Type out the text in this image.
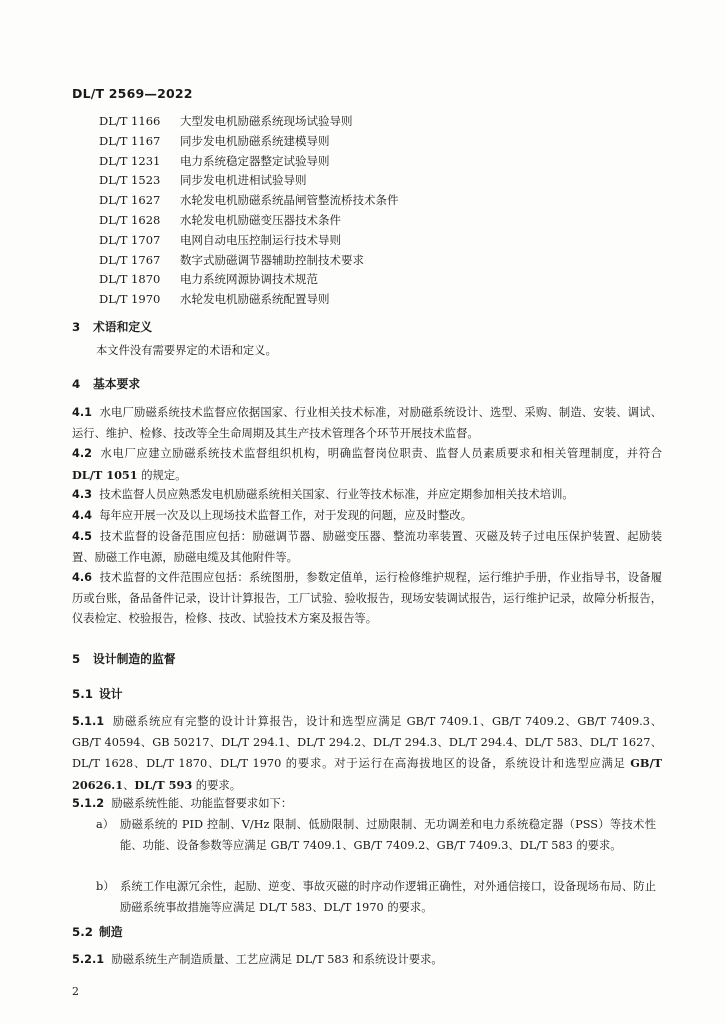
DL/T 2569—2022
DL/T 1166 大型发电机励磁系统现场试验导则
DL/T 1167 同步发电机励磁系统建模导则
DL/T 1231 电力系统稳定器整定试验导则
DL/T 1523 同步发电机进相试验导则
DL/T 1627 水轮发电机励磁系统晶闸管整流桥技术条件
DL/T 1628 水轮发电机励磁变压器技术条件
DL/T 1707 电网自动电压控制运行技术导则
DL/T 1767 数字式励磁调节器辅助控制技术要求
DL/T 1870 电力系统网源协调技术规范
DL/T 1970 水轮发电机励磁系统配置导则
3 术语和定义
本文件没有需要界定的术语和定义。
4 基本要求
4.1 水电厂励磁系统技术监督应依据国家、行业相关技术标准，对励磁系统设计、选型、采购、制造、安装、调试、运行、维护、检修、技改等全生命周期及其生产技术管理各个环节开展技术监督。
4.2 水电厂应建立励磁系统技术监督组织机构，明确监督岗位职责、监督人员素质要求和相关管理制度，并符合 DL/T 1051 的规定。
4.3 技术监督人员应熟悉发电机励磁系统相关国家、行业等技术标准，并应定期参加相关技术培训。
4.4 每年应开展一次及以上现场技术监督工作，对于发现的问题，应及时整改。
4.5 技术监督的设备范围应包括：励磁调节器、励磁变压器、整流功率装置、灭磁及转子过电压保护装置、起励装置、励磁工作电源，励磁电缆及其他附件等。
4.6 技术监督的文件范围应包括：系统图册，参数定值单，运行检修维护规程，运行维护手册，作业指导书，设备履历或台账，备品备件记录，设计计算报告，工厂试验、验收报告，现场安装调试报告，运行维护记录，故障分析报告，仪表检定、校验报告，检修、技改、试验技术方案及报告等。
5 设计制造的监督
5.1 设计
5.1.1 励磁系统应有完整的设计计算报告，设计和选型应满足 GB/T 7409.1、GB/T 7409.2、GB/T 7409.3、GB/T 40594、GB 50217、DL/T 294.1、DL/T 294.2、DL/T 294.3、DL/T 294.4、DL/T 583、DL/T 1627、DL/T 1628、DL/T 1870、DL/T 1970 的要求。对于运行在高海拔地区的设备，系统设计和选型应满足 GB/T 20626.1、DL/T 593 的要求。
5.1.2 励磁系统性能、功能监督要求如下：
a） 励磁系统的 PID 控制、V/Hz 限制、低励限制、过励限制、无功调差和电力系统稳定器（PSS）等技术性能、功能、设备参数等应满足 GB/T 7409.1、GB/T 7409.2、GB/T 7409.3、DL/T 583 的要求。
b） 系统工作电源冗余性，起励、逆变、事故灭磁的时序动作逻辑正确性，对外通信接口，设备现场布局、防止励磁系统事故措施等应满足 DL/T 583、DL/T 1970 的要求。
5.2 制造
5.2.1 励磁系统生产制造质量、工艺应满足 DL/T 583 和系统设计要求。
2
